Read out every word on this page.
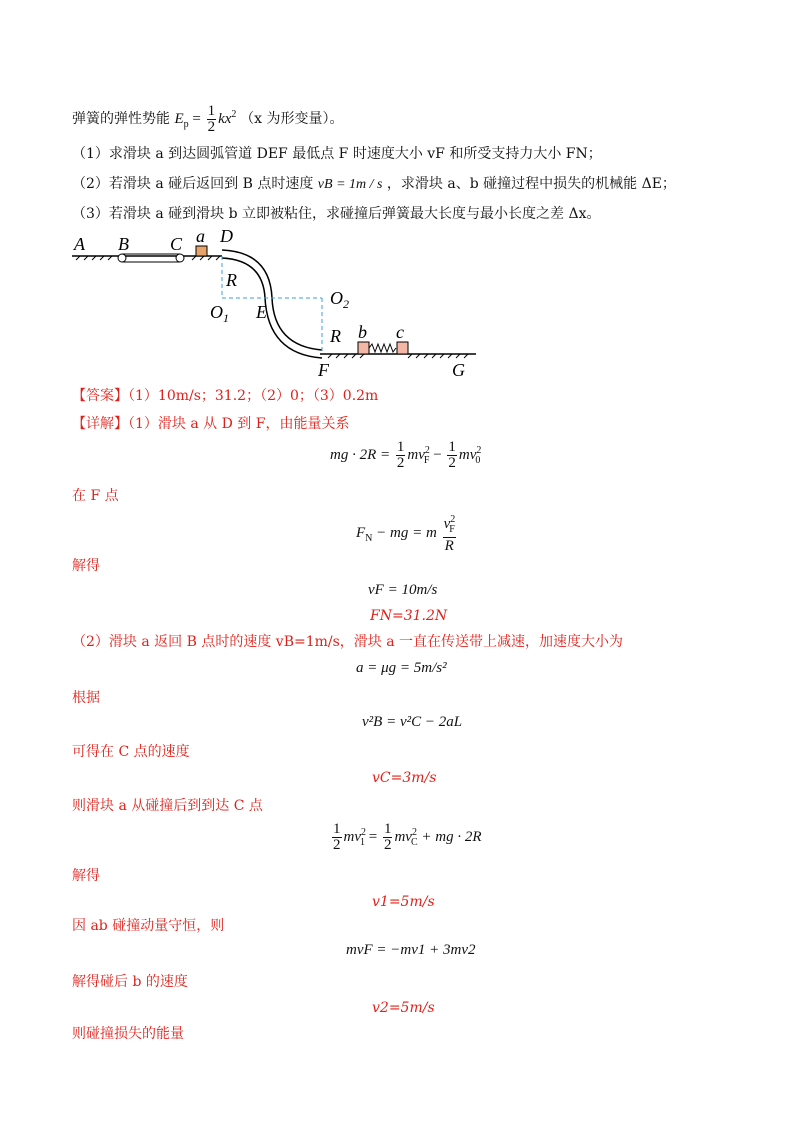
弹簧的弹性势能 $E_p = \frac{1}{2} kx^2$ （x 为形变量）。
（1）求滑块 a 到达圆弧管道 DEF 最低点 F 时速度大小 vF 和所受支持力大小 FN；
（2）若滑块 a 碰后返回到 B 点时速度 vB = 1m / s ，求滑块 a、b 碰撞过程中损失的机械能 ΔE；
（3）若滑块 a 碰到滑块 b 立即被粘住，求碰撞后弹簧最大长度与最小长度之差 Δx。
A B C a D
R
$O_1$ E
$O_2$
R b c
F	G
【答案】（1）10m/s；31.2；（2）0；（3）0.2m
【详解】（1）滑块 a 从 D 到 F，由能量关系
mg · $2R = \frac{1}{2} mv^2_F - \frac{1}{2} mv^2_0$
在 F 点
$F_N$ − mg = m $\frac{v^2_F}{R}$
解得
vF = 10m/s
FN=31.2N
（2）滑块 a 返回 B 点时的速度 vB=1m/s，滑块 a 一直在传送带上减速，加速度大小为
a = μg = 5m/s²
根据
v²B = v²C − 2aL
可得在 C 点的速度
vC=3m/s
则滑块 a 从碰撞后到到达 C 点
$\frac{1}{2} mv^2_1 = \frac{1}{2} mv^2_C$ + mg · 2R
解得
v1=5m/s
因 ab 碰撞动量守恒，则
mvF = −mv1 + 3mv2
解得碰后 b 的速度
v2=5m/s
则碰撞损失的能量
